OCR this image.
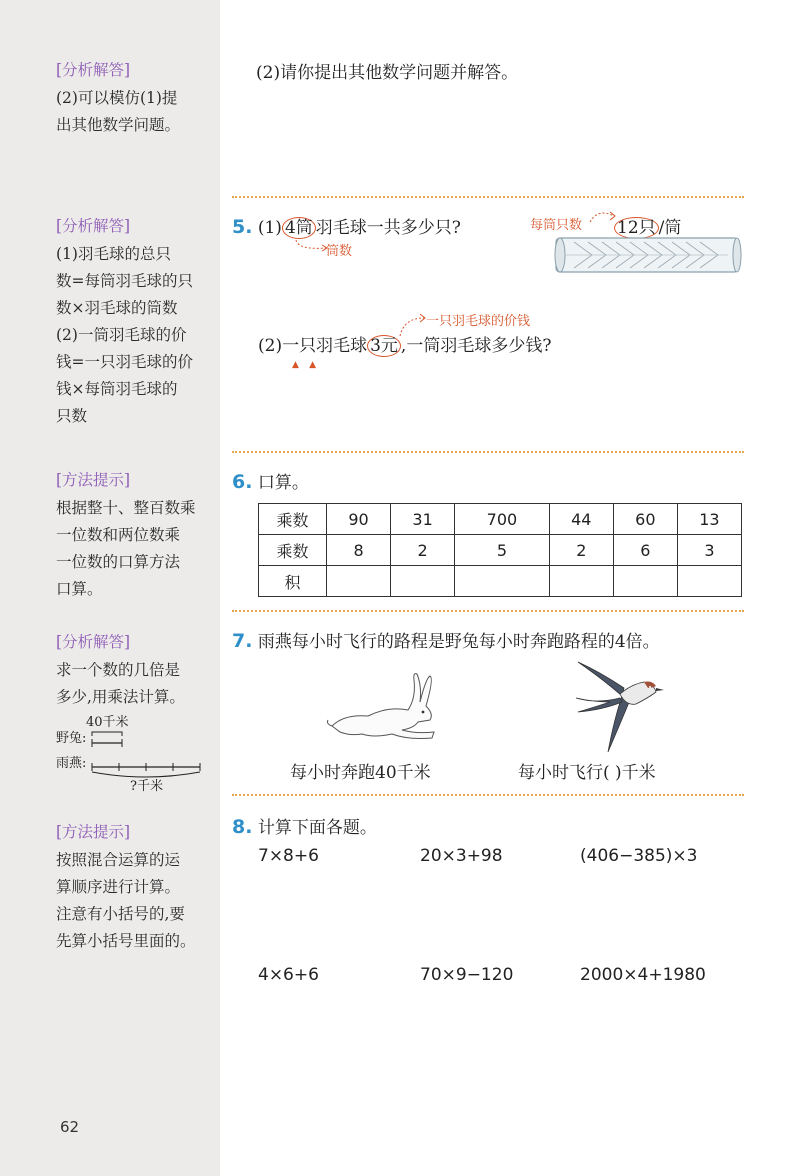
[分析解答]
(2)可以模仿(1)提
出其他数学问题。
[分析解答]
(1)羽毛球的总只
数=每筒羽毛球的只
数×羽毛球的筒数
(2)一筒羽毛球的价
钱=一只羽毛球的价
钱×每筒羽毛球的
只数
[方法提示]
根据整十、整百数乘
一位数和两位数乘
一位数的口算方法
口算。
[分析解答]
求一个数的几倍是
多少,用乘法计算。
40千米
野兔:
雨燕:
?千米
[方法提示]
按照混合运算的运
算顺序进行计算。
注意有小括号的,要
先算小括号里面的。
62
(2)请你提出其他数学问题并解答。
5. (1) 4筒 羽毛球一共多少只?
筒数
每筒只数 12只 /筒
一只羽毛球的价钱
(2)一只羽毛球 3元 ,一筒羽毛球多少钱?
▲ ▲
6. 口算。
乘数	90	31	700	44	60	13
乘数	8	2	5	2	6	3
积						
7. 雨燕每小时飞行的路程是野兔每小时奔跑路程的4倍。
每小时奔跑40千米	每小时飞行( )千米
8. 计算下面各题。
7×8+6	20×3+98	(406−385)×3
4×6+6	70×9−120	2000×4+1980
